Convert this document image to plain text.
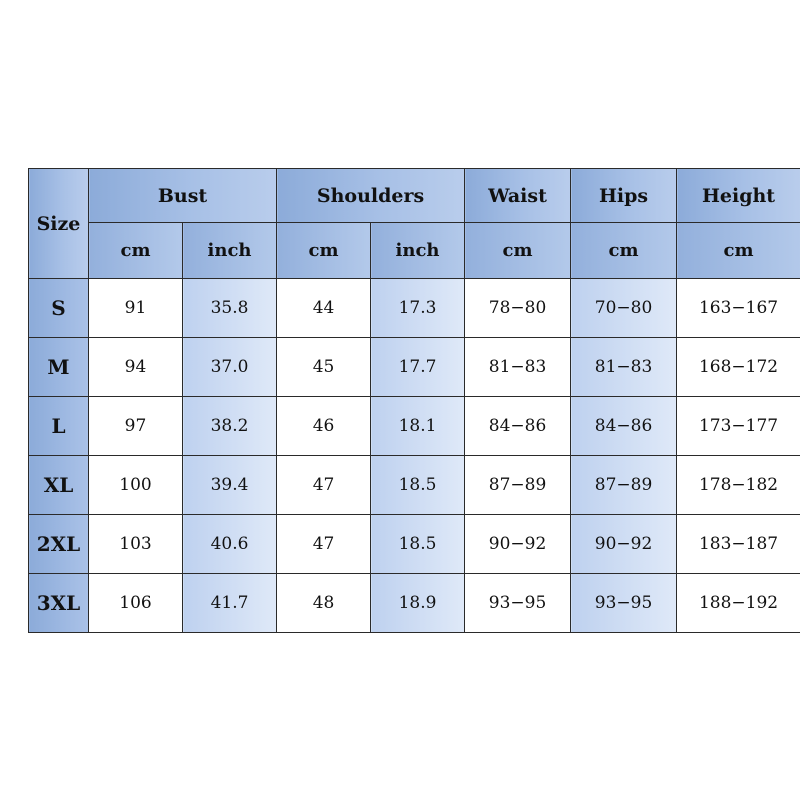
Size	Bust		Shoulders		Waist	Hips	Height
	cm	inch	cm	inch	cm	cm	cm
S	91	35.8	44	17.3	78−80	70−80	163−167
M	94	37.0	45	17.7	81−83	81−83	168−172
L	97	38.2	46	18.1	84−86	84−86	173−177
XL	100	39.4	47	18.5	87−89	87−89	178−182
2XL	103	40.6	47	18.5	90−92	90−92	183−187
3XL	106	41.7	48	18.9	93−95	93−95	188−192
